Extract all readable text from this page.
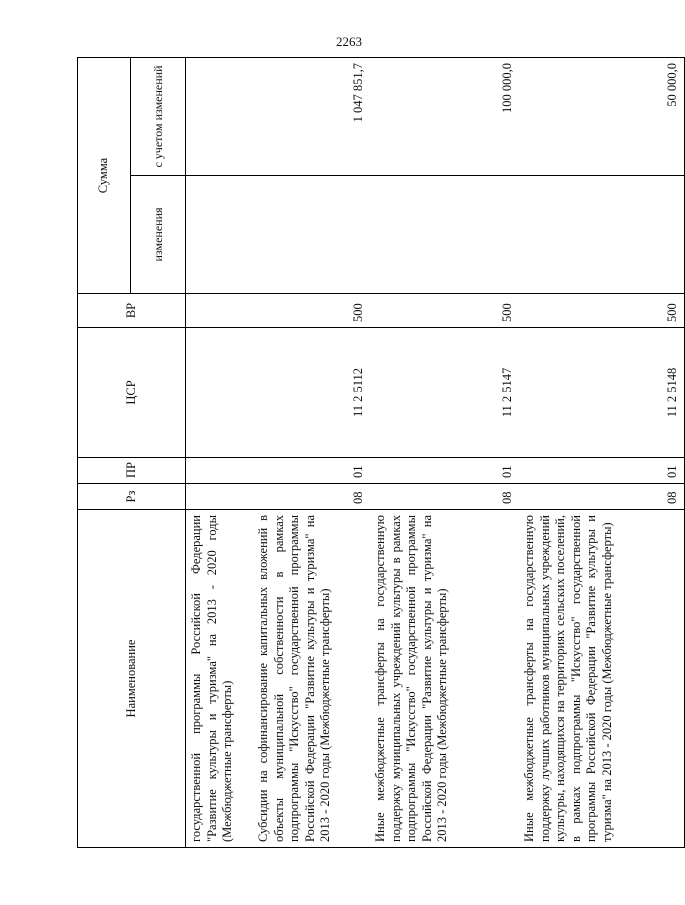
2263
Наименование	Рз	ПР	ЦСР	ВР	Сумма	
					изменения	с учетом изменений
государственной программы Российской Федерации "Развитие культуры и туризма" на 2013 - 2020 годы (Межбюджетные трансферты)						
Субсидии на софинансирование капитальных вложений в объекты муниципальной собственности в рамках подпрограммы "Искусство" государственной программы Российской Федерации "Развитие культуры и туризма" на 2013 - 2020 годы (Межбюджетные трансферты)	08	01	11 2 5112	500		1 047 851,7
Иные межбюджетные трансферты на государственную поддержку муниципальных учреждений культуры в рамках подпрограммы "Искусство" государственной программы Российской Федерации "Развитие культуры и туризма" на 2013 - 2020 годы (Межбюджетные трансферты)	08	01	11 2 5147	500		100 000,0
Иные межбюджетные трансферты на государственную поддержку лучших работников муниципальных учреждений культуры, находящихся на территориях сельских поселений, в рамках подпрограммы "Искусство" государственной программы Российской Федерации "Развитие культуры и туризма" на 2013 - 2020 годы (Межбюджетные трансферты)	08	01	11 2 5148	500		50 000,0
